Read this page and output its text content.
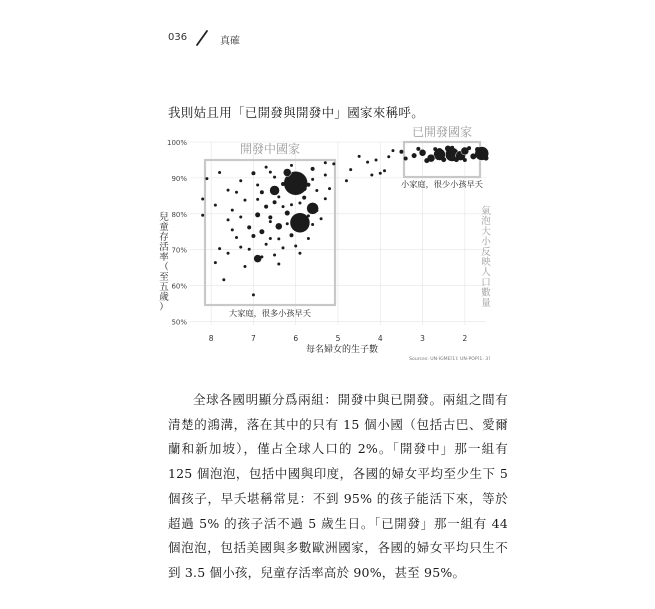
036	真確
我則姑且用「已開發與開發中」國家來稱呼。
開發中國家
已開發國家
大家庭，很多小孩早夭
小家庭，很少小孩早夭
50%
60%
70%
80%
90%
100%
8	7	6	5	4	3	2
每名婦女的生子數
Sources: UN-IGME[1]; UN-POP[1, 3]
兒
童
存
活
率
（
至
五
歲
）
氣
泡
大
小
反
映
人
口
數
量

全球各國明顯分爲兩組：開發中與已開發。兩組之間有清楚的鴻溝，落在其中的只有 15 個小國（包括古巴、愛爾蘭和新加坡），僅占全球人口的 2%。「開發中」那一組有 125 個泡泡，包括中國與印度，各國的婦女平均至少生下 5 個孩子，早夭堪稱常見：不到 95% 的孩子能活下來，等於超過 5% 的孩子活不過 5 歲生日。「已開發」那一組有 44 個泡泡，包括美國與多數歐洲國家，各國的婦女平均只生不到 3.5 個小孩，兒童存活率高於 90%，甚至 95%。
